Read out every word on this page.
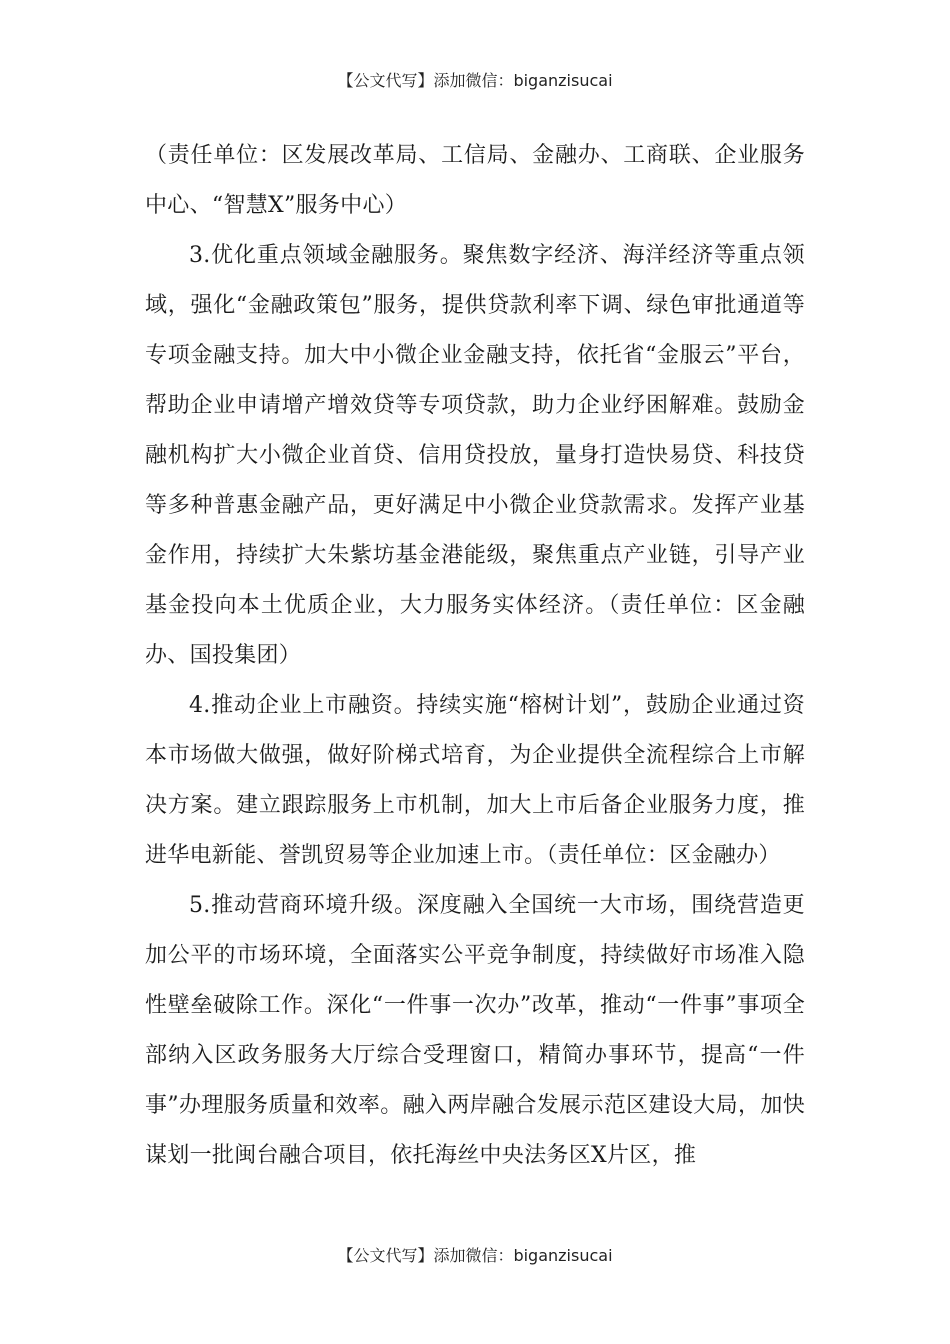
【公文代写】添加微信：biganzisucai

（责任单位：区发展改革局、工信局、金融办、工商联、企业服务中心、“智慧X”服务中心）

3.优化重点领域金融服务。聚焦数字经济、海洋经济等重点领域，强化“金融政策包”服务，提供贷款利率下调、绿色审批通道等专项金融支持。加大中小微企业金融支持，依托省“金服云”平台，帮助企业申请增产增效贷等专项贷款，助力企业纾困解难。鼓励金融机构扩大小微企业首贷、信用贷投放，量身打造快易贷、科技贷等多种普惠金融产品，更好满足中小微企业贷款需求。发挥产业基金作用，持续扩大朱紫坊基金港能级，聚焦重点产业链，引导产业基金投向本土优质企业，大力服务实体经济。（责任单位：区金融办、国投集团）

4.推动企业上市融资。持续实施“榕树计划”，鼓励企业通过资本市场做大做强，做好阶梯式培育，为企业提供全流程综合上市解决方案。建立跟踪服务上市机制，加大上市后备企业服务力度，推进华电新能、誉凯贸易等企业加速上市。（责任单位：区金融办）

5.推动营商环境升级。深度融入全国统一大市场，围绕营造更加公平的市场环境，全面落实公平竞争制度，持续做好市场准入隐性壁垒破除工作。深化“一件事一次办”改革，推动“一件事”事项全部纳入区政务服务大厅综合受理窗口，精简办事环节，提高“一件事”办理服务质量和效率。融入两岸融合发展示范区建设大局，加快谋划一批闽台融合项目，依托海丝中央法务区X片区，推

【公文代写】添加微信：biganzisucai
